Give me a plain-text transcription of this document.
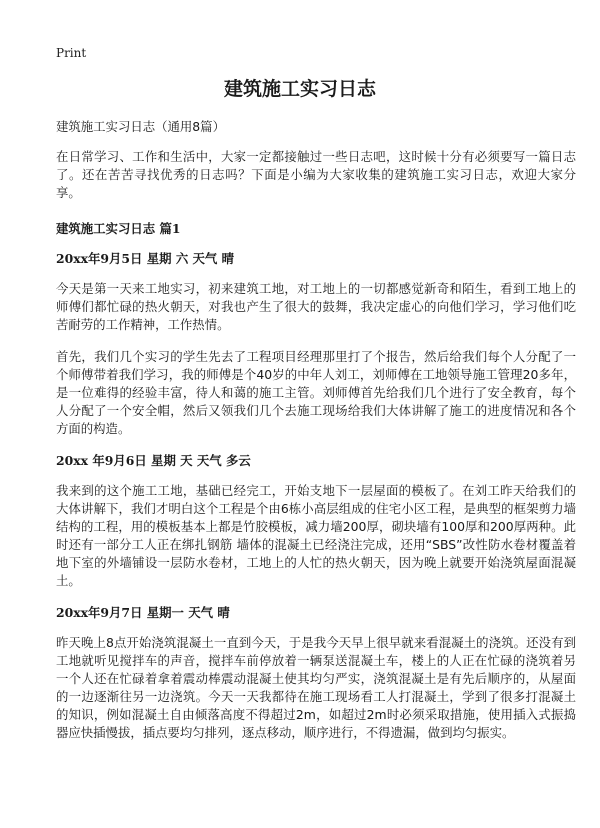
Print
建筑施工实习日志

建筑施工实习日志（通用8篇）

在日常学习、工作和生活中，大家一定都接触过一些日志吧，这时候十分有必须要写一篇日志了。还在苦苦寻找优秀的日志吗？下面是小编为大家收集的建筑施工实习日志，欢迎大家分享。

建筑施工实习日志 篇1

20xx年9月5日 星期 六 天气 晴

今天是第一天来工地实习，初来建筑工地，对工地上的一切都感觉新奇和陌生，看到工地上的师傅们都忙碌的热火朝天，对我也产生了很大的鼓舞，我决定虚心的向他们学习，学习他们吃苦耐劳的工作精神，工作热情。

首先，我们几个实习的学生先去了工程项目经理那里打了个报告，然后给我们每个人分配了一个师傅带着我们学习，我的师傅是个40岁的中年人刘工，刘师傅在工地领导施工管理20多年，是一位难得的经验丰富，待人和蔼的施工主管。刘师傅首先给我们几个进行了安全教育，每个人分配了一个安全帽，然后又领我们几个去施工现场给我们大体讲解了施工的进度情况和各个方面的构造。

20xx 年9月6日 星期 天 天气 多云

我来到的这个施工工地，基础已经完工，开始支地下一层屋面的模板了。在刘工昨天给我们的大体讲解下，我们才明白这个工程是个由6栋小高层组成的住宅小区工程，是典型的框架剪力墙结构的工程，用的模板基本上都是竹胶模板，减力墙200厚，砌块墙有100厚和200厚两种。此时还有一部分工人正在绑扎钢筋 墙体的混凝土已经浇注完成，还用“SBS”改性防水卷材覆盖着地下室的外墙铺设一层防水卷材，工地上的人忙的热火朝天，因为晚上就要开始浇筑屋面混凝土。

20xx年9月7日 星期一 天气 晴

昨天晚上8点开始浇筑混凝土一直到今天，于是我今天早上很早就来看混凝土的浇筑。还没有到工地就听见搅拌车的声音，搅拌车前停放着一辆泵送混凝土车，楼上的人正在忙碌的浇筑着另一个人还在忙碌着拿着震动棒震动混凝土使其均匀严实，浇筑混凝土是有先后顺序的，从屋面的一边逐渐往另一边浇筑。今天一天我都待在施工现场看工人打混凝土，学到了很多打混凝土的知识，例如混凝土自由倾落高度不得超过2m，如超过2m时必须采取措施，使用插入式振捣器应快插慢拔，插点要均匀排列，逐点移动，顺序进行，不得遗漏，做到均匀振实。
